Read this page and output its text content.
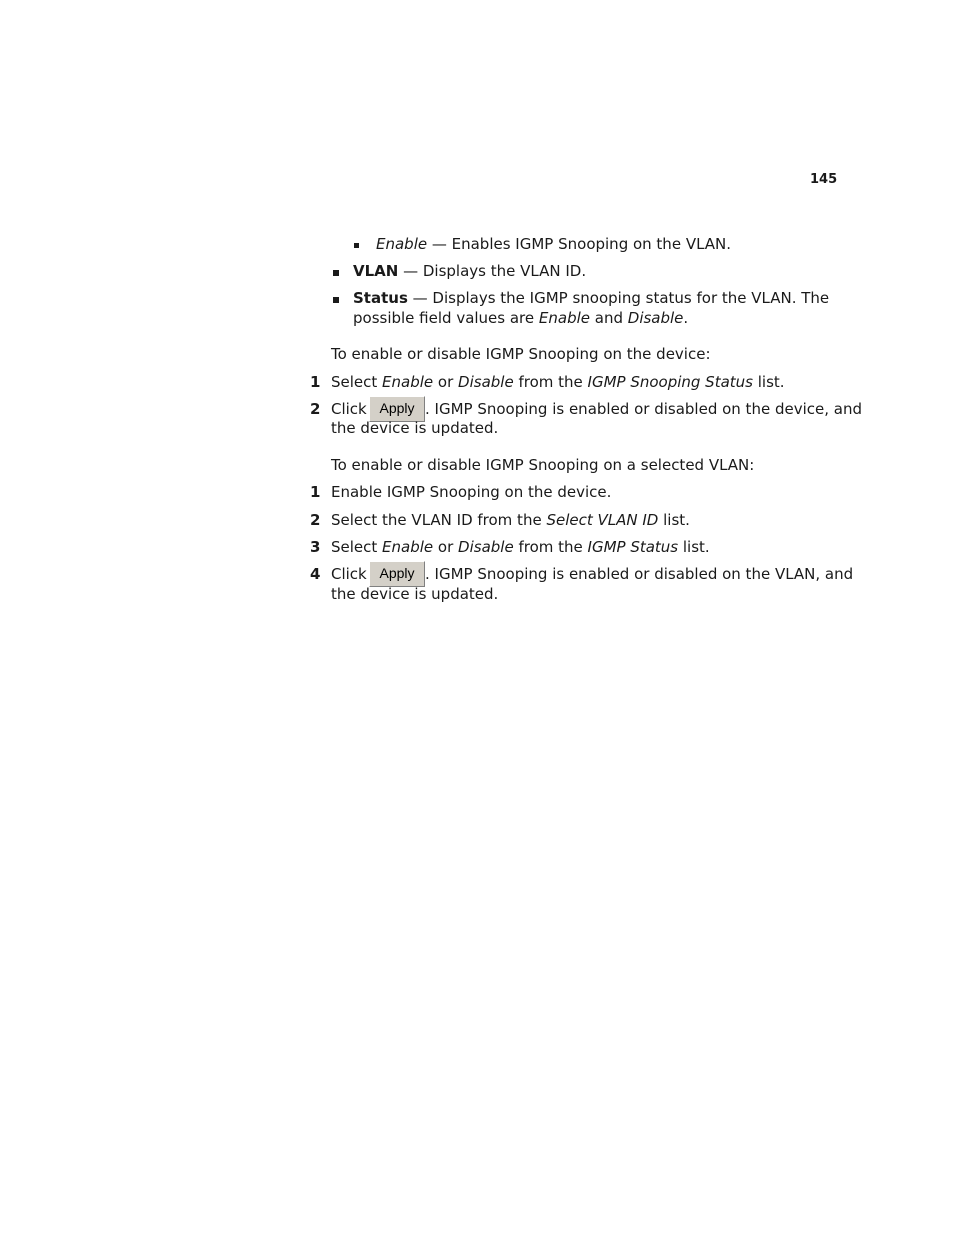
145
Enable — Enables IGMP Snooping on the VLAN.
VLAN — Displays the VLAN ID.
Status — Displays the IGMP snooping status for the VLAN. The
possible field values are Enable and Disable.
To enable or disable IGMP Snooping on the device:
1 Select Enable or Disable from the IGMP Snooping Status list.
2 Click Apply . IGMP Snooping is enabled or disabled on the device, and
the device is updated.
To enable or disable IGMP Snooping on a selected VLAN:
1 Enable IGMP Snooping on the device.
2 Select the VLAN ID from the Select VLAN ID list.
3 Select Enable or Disable from the IGMP Status list.
4 Click Apply . IGMP Snooping is enabled or disabled on the VLAN, and
the device is updated.
